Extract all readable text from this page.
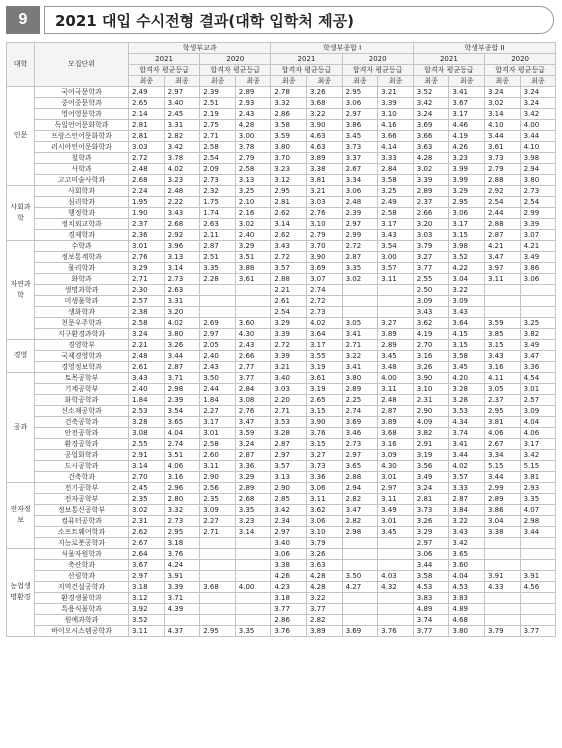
9	2021 대입 수시전형 결과(대학 입학처 제공)
대학	모집단위	학생부교과				학생부종합 I				학생부종합 II			
		2021		2020		2021		2020		2021		2020	
		합격자 평균등급		합격자 평균등급		합격자 평균등급		합격자 평균등급		합격자 평균등급		합격자 평균등급	
		최종	최종	최종	최종	최종	최종	최종	최종	최종	최종	최종	최종
인문	국어국문학과	2.49	2.97	2.39	2.89	2.78	3.26	2.95	3.21	3.52	3.41	3.24	3.24
	중어중문학과	2.65	3.40	2.51	2.93	3.32	3.68	3.06	3.39	3.42	3.67	3.02	3.24
	영어영문학과	2.14	2.45	2.19	2.43	2.86	3.22	2.97	3.10	3.24	3.17	3.14	3.42
	독일언어문화학과	2.81	3.31	2.75	4.28	3.58	3.90	3.86	4.16	3.69	4.46	4.10	4.00
	프랑스언어문화학과	2.81	2.82	2.71	3.00	3.59	4.63	3.45	3.66	3.66	4.19	3.44	3.44
	러시아언어문화학과	3.03	3.42	2.58	3.78	3.80	4.63	3.73	4.14	3.63	4.26	3.61	4.10
	철학과	2.72	3.78	2.54	2.79	3.70	3.89	3.37	3.33	4.28	3.23	3.73	3.98
	사학과	2.48	4.02	2.09	2.58	3.23	3.38	2.67	2.84	3.02	3.99	2.79	2.94
	고고미술사학과	2.68	3.23	2.73	3.13	3.12	3.81	3.34	3.58	3.39	3.99	2.88	3.80
사회과학	사회학과	2.24	2.48	2.32	3.25	2.95	3.21	3.06	3.25	2.89	3.29	2.92	2.73
	심리학과	1.95	2.22	1.75	2.10	2.81	3.03	2.48	2.49	2.37	2.95	2.54	2.54
	행정학과	1.90	3.43	1.74	2.16	2.62	2.76	2.39	2.58	2.66	3.06	2.44	2.99
	정치외교학과	2.37	2.68	2.63	3.02	3.14	3.10	2.97	3.17	3.20	3.17	2.88	3.39
	경제학과	2.36	2.92	2.11	2.40	2.62	2.79	2.99	3.43	3.03	3.15	2.87	3.07
자연과학	수학과	3.01	3.96	2.87	3.29	3.43	3.70	2.72	3.54	3.79	3.98	4.21	4.21
	정보통계학과	2.76	3.13	2.51	3.51	2.72	3.90	2.87	3.00	3.27	3.52	3.47	3.49
	물리학과	3.29	3.14	3.35	3.88	3.57	3.69	3.35	3.57	3.77	4.22	3.97	3.86
	화학과	2.71	2.73	2.28	3.61	2.88	3.07	3.02	3.11	2.55	3.04	3.11	3.06
	생명과학과	2.30	2.63			2.21	2.74			2.50	3.22		
	미생물학과	2.57	3.31			2.61	2.72			3.09	3.09		
	생화학과	2.38	3.20			2.54	2.73			3.43	3.43		
	천문우주학과	2.58	4.02	2.69	3.60	3.29	4.02	3.05	3.27	3.62	3.64	3.59	3.25
	지구환경과학과	3.24	3.80	2.97	4.30	3.39	3.64	3.41	3.89	4.19	4.15	3.85	3.82
경영	경영학부	2.21	3.26	2.05	2.43	2.72	3.17	2.71	2.89	2.70	3.15	3.15	3.49
	국제경영학과	2.48	3.44	2.40	2.66	3.39	3.55	3.22	3.45	3.16	3.58	3.43	3.47
	경영정보학과	2.61	2.87	2.43	2.77	3.21	3.19	3.41	3.48	3.26	3.45	3.16	3.36
공과	토목공학부	3.43	3.71	3.50	3.77	3.40	3.61	3.80	4.00	3.90	4.20	4.11	4.54
	기계공학부	2.40	2.98	2.44	2.84	3.03	3.19	2.89	3.11	3.10	3.28	3.05	3.01
	화학공학과	1.84	2.39	1.84	3.08	2.20	2.65	2.25	2.48	2.31	3.28	2.37	2.57
	신소재공학과	2.53	3.54	2.27	2.76	2.71	3.15	2.74	2.87	2.90	3.53	2.95	3.09
	건축공학과	3.28	3.65	3.17	3.47	3.53	3.90	3.69	3.89	4.09	4.34	3.81	4.04
	안전공학과	3.08	4.04	3.01	3.59	3.28	3.76	3.46	3.68	3.82	3.74	4.06	4.06
	환경공학과	2.55	2.74	2.58	3.24	2.87	3.15	2.73	3.16	2.91	3.41	2.67	3.17
	공업화학과	2.91	3.51	2.60	2.87	2.97	3.27	2.97	3.09	3.19	3.44	3.34	3.42
	도시공학과	3.14	4.06	3.11	3.36	3.57	3.73	3.65	4.30	3.56	4.02	5.15	5.15
	건축학과	2.70	3.16	2.90	3.29	3.13	3.36	2.88	3.01	3.49	3.57	3.44	3.81
전자정보	전기공학부	2.45	2.96	2.56	2.89	2.90	3.06	2.94	2.97	3.24	3.33	2.99	2.93
	전자공학부	2.35	2.80	2.35	2.68	2.85	3.11	2.82	3.11	2.81	2.87	2.89	3.35
	정보통신공학부	3.02	3.32	3.09	3.35	3.42	3.62	3.47	3.49	3.73	3.84	3.86	4.07
	컴퓨터공학과	2.31	2.73	2.27	3.23	2.34	3.06	2.82	3.01	3.26	3.22	3.04	2.98
	소프트웨어학과	2.62	2.95	2.71	3.14	2.97	3.10	2.98	3.45	3.29	3.43	3.38	3.44
	지능로봇공학과	2.67	3.18			3.40	3.79			2.97	3.42		
농업생명환경	식물자원학과	2.64	3.76			3.06	3.26			3.06	3.65		
	축산학과	3.67	4.24			3.38	3.63			3.44	3.60		
	산림학과	2.97	3.91			4.26	4.28	3.50	4.03	3.58	4.04	3.91	3.91
	지역건설공학과	3.18	3.39	3.68	4.00	4.23	4.28	4.27	4.32	4.53	4.53	4.33	4.56
	환경생물학과	3.12	3.71			3.18	3.22			3.83	3.83		
	특용식물학과	3.92	4.39			3.77	3.77			4.89	4.89		
	원예과학과	3.52				2.86	2.82			3.74	4.68		
	바이오시스템공학과	3.11	4.37	2.95	3.35	3.76	3.89	3.69	3.76	3.77	3.80	3.79	3.77
